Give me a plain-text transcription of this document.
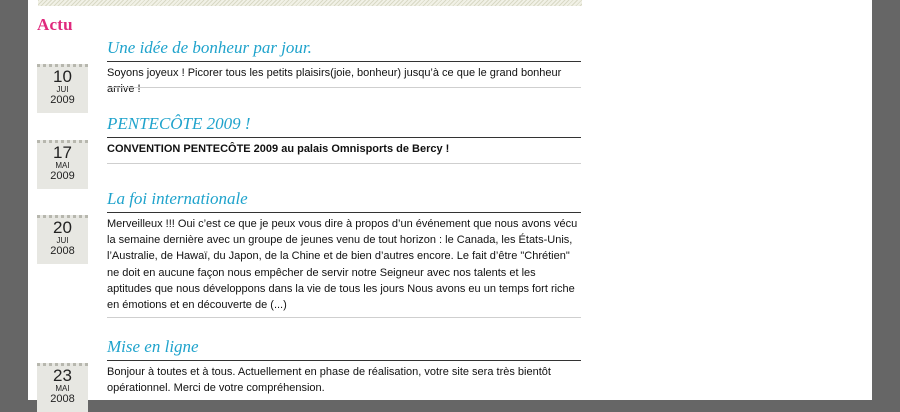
Actu
Une idée de bonheur par jour.
10
JUI
2009
Soyons joyeux ! Picorer tous les petits plaisirs(joie, bonheur) jusqu’à ce que le grand bonheur arrive !
PENTECÔTE 2009 !
17
MAI
2009
CONVENTION PENTECÔTE 2009 au palais Omnisports de Bercy !
La foi internationale
20
JUI
2008
Merveilleux !!! Oui c’est ce que je peux vous dire à propos d’un événement que nous avons vécu la semaine dernière avec un groupe de jeunes venu de tout horizon : le Canada, les États-Unis, l’Australie, de Hawaï, du Japon, de la Chine et de bien d’autres encore. Le fait d’être "Chrétien" ne doit en aucune façon nous empêcher de servir notre Seigneur avec nos talents et les aptitudes que nous développons dans la vie de tous les jours Nous avons eu un temps fort riche en émotions et en découverte de (...)
Mise en ligne
23
MAI
2008
Bonjour à toutes et à tous. Actuellement en phase de réalisation, votre site sera très bientôt opérationnel. Merci de votre compréhension.
